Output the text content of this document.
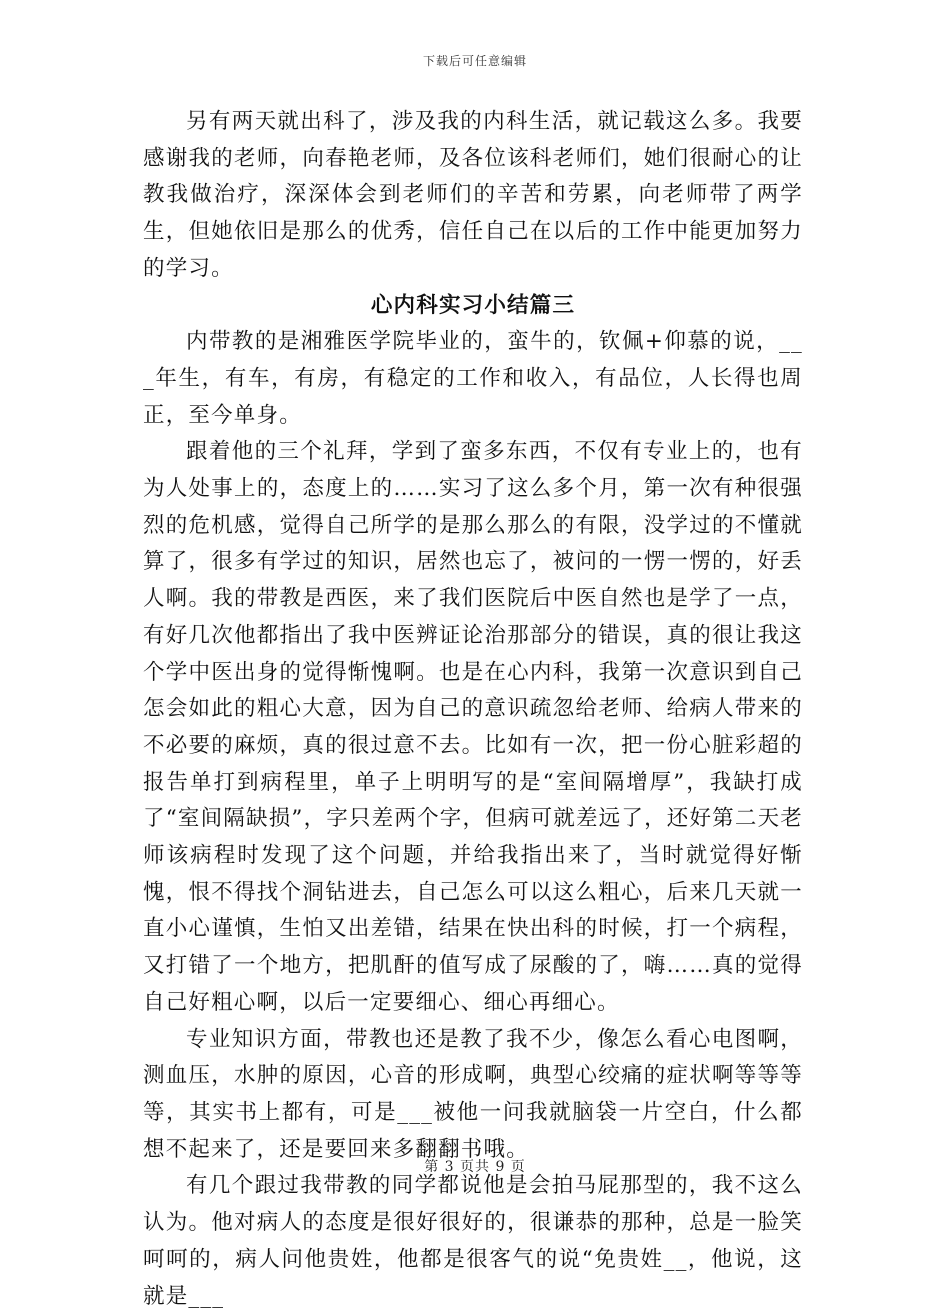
下载后可任意编辑

另有两天就出科了，涉及我的内科生活，就记载这么多。我要感谢我的老师，向春艳老师，及各位该科老师们，她们很耐心的让教我做治疗，深深体会到老师们的辛苦和劳累，向老师带了两学生，但她依旧是那么的优秀，信任自己在以后的工作中能更加努力的学习。

心内科实习小结篇三

内带教的是湘雅医学院毕业的，蛮牛的，钦佩+仰慕的说，___年生，有车，有房，有稳定的工作和收入，有品位，人长得也周正，至今单身。

跟着他的三个礼拜，学到了蛮多东西，不仅有专业上的，也有为人处事上的，态度上的……实习了这么多个月，第一次有种很强烈的危机感，觉得自己所学的是那么那么的有限，没学过的不懂就算了，很多有学过的知识，居然也忘了，被问的一愣一愣的，好丢人啊。我的带教是西医，来了我们医院后中医自然也是学了一点，有好几次他都指出了我中医辨证论治那部分的错误，真的很让我这个学中医出身的觉得惭愧啊。也是在心内科，我第一次意识到自己怎会如此的粗心大意，因为自己的意识疏忽给老师、给病人带来的不必要的麻烦，真的很过意不去。比如有一次，把一份心脏彩超的报告单打到病程里，单子上明明写的是“室间隔增厚”，我缺打成了“室间隔缺损”，字只差两个字，但病可就差远了，还好第二天老师该病程时发现了这个问题，并给我指出来了，当时就觉得好惭愧，恨不得找个洞钻进去，自己怎么可以这么粗心，后来几天就一直小心谨慎，生怕又出差错，结果在快出科的时候，打一个病程，又打错了一个地方，把肌酐的值写成了尿酸的了，嗨……真的觉得自己好粗心啊，以后一定要细心、细心再细心。

专业知识方面，带教也还是教了我不少，像怎么看心电图啊，测血压，水肿的原因，心音的形成啊，典型心绞痛的症状啊等等等等，其实书上都有，可是___被他一问我就脑袋一片空白，什么都想不起来了，还是要回来多翻翻书哦。

有几个跟过我带教的同学都说他是会拍马屁那型的，我不这么认为。他对病人的态度是很好很好的，很谦恭的那种，总是一脸笑呵呵的，病人问他贵姓，他都是很客气的说“免贵姓__，他说，这就是___

第 3 页共 9 页
